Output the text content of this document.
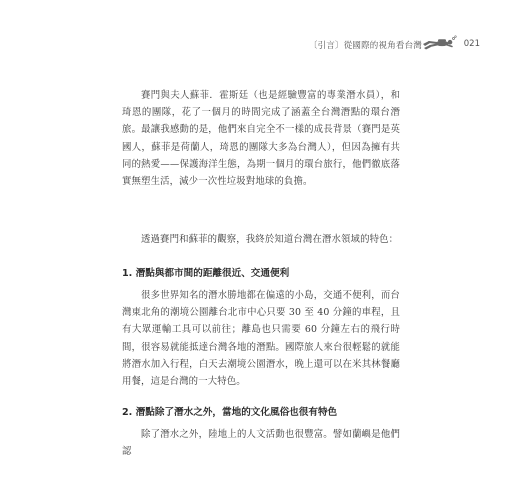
〔引言〕從國際的視角看台灣	021

賽門與夫人蘇菲．霍斯廷（也是經驗豐富的專業潛水員），和琦恩的團隊，花了一個月的時間完成了涵蓋全台灣潛點的環台潛旅。最讓我感動的是，他們來自完全不一樣的成長背景（賽門是英國人，蘇菲是荷蘭人，琦恩的團隊大多為台灣人），但因為擁有共同的熱愛——保護海洋生態，為期一個月的環台旅行，他們徹底落實無塑生活，減少一次性垃圾對地球的負擔。

透過賽門和蘇菲的觀察，我終於知道台灣在潛水領域的特色：

1. 潛點與都市間的距離很近、交通便利

很多世界知名的潛水勝地都在偏遠的小島，交通不便利，而台灣東北角的潮境公園離台北市中心只要 30 至 40 分鐘的車程，且有大眾運輸工具可以前往；離島也只需要 60 分鐘左右的飛行時間，很容易就能抵達台灣各地的潛點。國際旅人來台很輕鬆的就能將潛水加入行程，白天去潮境公園潛水，晚上還可以在米其林餐廳用餐，這是台灣的一大特色。

2. 潛點除了潛水之外，當地的文化風俗也很有特色

除了潛水之外，陸地上的人文活動也很豐富。譬如蘭嶼是他們認
